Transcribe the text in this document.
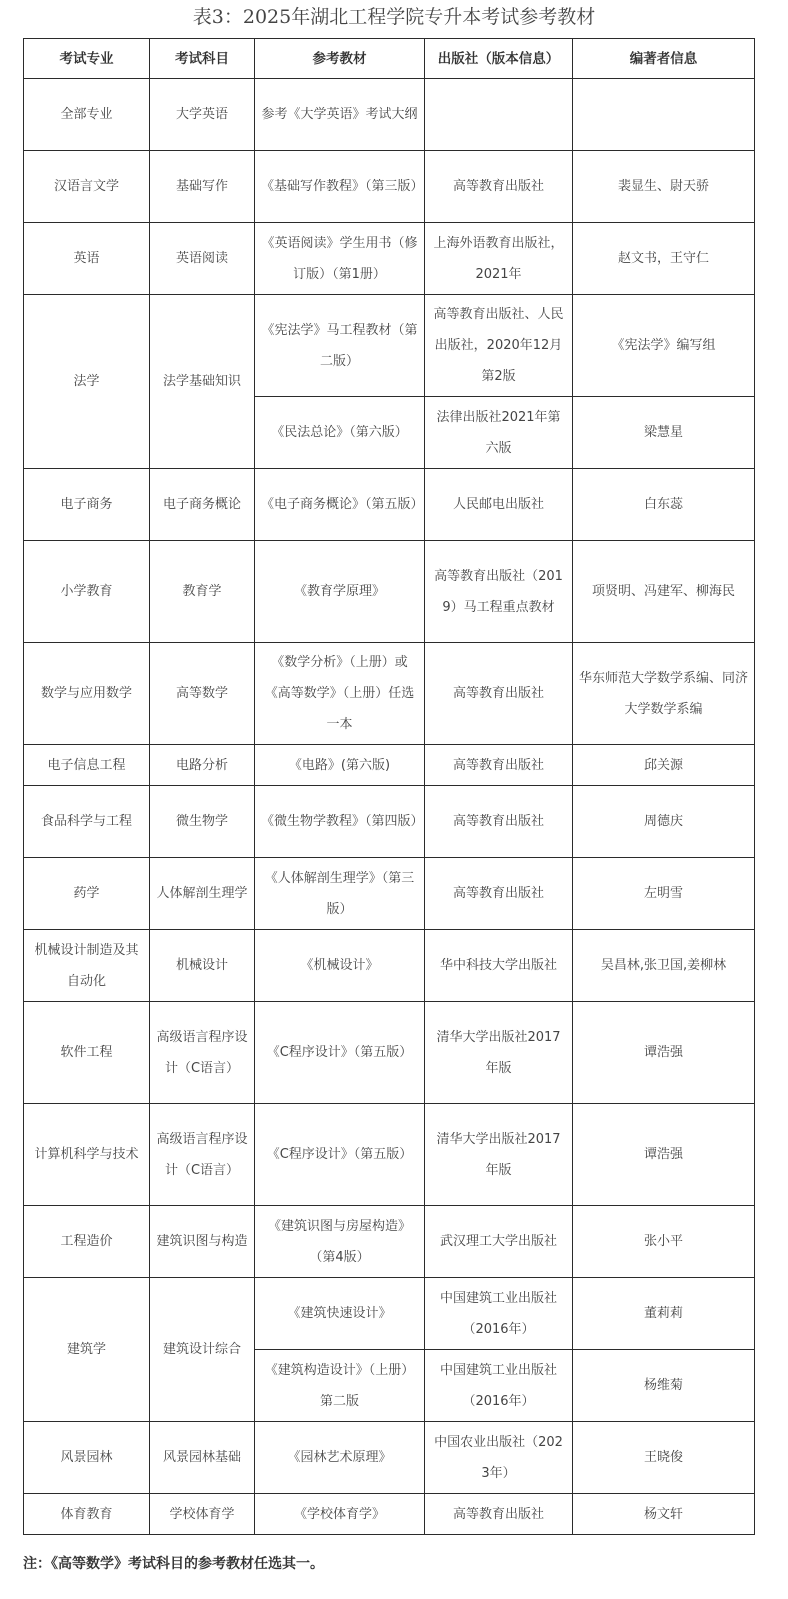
表3：2025年湖北工程学院专升本考试参考教材
考试专业	考试科目	参考教材	出版社（版本信息）	编著者信息
全部专业	大学英语	参考《大学英语》考试大纲		
汉语言文学	基础写作	《基础写作教程》（第三版）	高等教育出版社	裴显生、尉天骄
英语	英语阅读	《英语阅读》学生用书（修订版）（第1册）	上海外语教育出版社，2021年	赵文书，王守仁
法学	法学基础知识	《宪法学》马工程教材（第二版）	高等教育出版社、人民出版社，2020年12月第2版	《宪法学》编写组
		《民法总论》（第六版）	法律出版社2021年第六版	梁慧星
电子商务	电子商务概论	《电子商务概论》（第五版）	人民邮电出版社	白东蕊
小学教育	教育学	《教育学原理》	高等教育出版社（2019）马工程重点教材	项贤明、冯建军、柳海民
数学与应用数学	高等数学	《数学分析》（上册）或《高等数学》（上册）任选一本	高等教育出版社	华东师范大学数学系编、同济大学数学系编
电子信息工程	电路分析	《电路》(第六版)	高等教育出版社	邱关源
食品科学与工程	微生物学	《微生物学教程》（第四版）	高等教育出版社	周德庆
药学	人体解剖生理学	《人体解剖生理学》（第三版）	高等教育出版社	左明雪
机械设计制造及其自动化	机械设计	《机械设计》	华中科技大学出版社	吴昌林,张卫国,姜柳林
软件工程	高级语言程序设计（C语言）	《C程序设计》（第五版）	清华大学出版社2017年版	谭浩强
计算机科学与技术	高级语言程序设计（C语言）	《C程序设计》（第五版）	清华大学出版社2017年版	谭浩强
工程造价	建筑识图与构造	《建筑识图与房屋构造》（第4版）	武汉理工大学出版社	张小平
建筑学	建筑设计综合	《建筑快速设计》	中国建筑工业出版社（2016年）	董莉莉
		《建筑构造设计》（上册）第二版	中国建筑工业出版社（2016年）	杨维菊
风景园林	风景园林基础	《园林艺术原理》	中国农业出版社（2023年）	王晓俊
体育教育	学校体育学	《学校体育学》	高等教育出版社	杨文轩
注：《高等数学》考试科目的参考教材任选其一。
